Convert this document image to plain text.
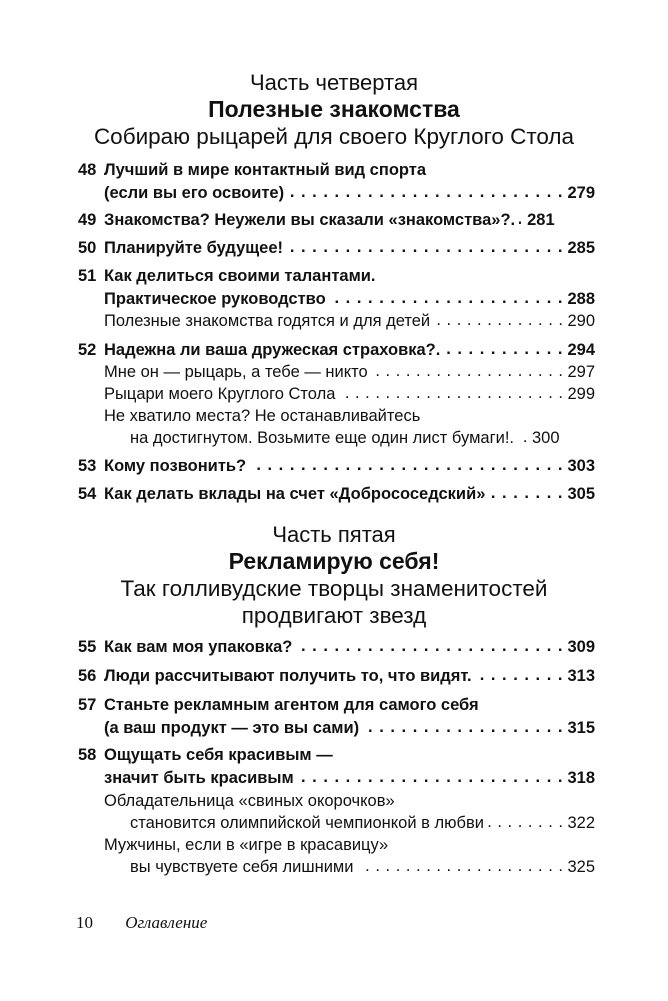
Часть четвертая
Полезные знакомства
Собираю рыцарей для своего Круглого Стола
48 Лучший в мире контактный вид спорта
(если вы его освоите) . . .	279
49 Знакомства? Неужели вы сказали «знакомства»?. . . . 281
50 Планируйте будущее! . . .	285
51 Как делиться своими талантами.
Практическое руководство . . .	288
Полезные знакомства годятся и для детей . . .	290
52 Надежна ли ваша дружеская страховка?. . . .	294
Мне он — рыцарь, а тебе — никто . . .	297
Рыцари моего Круглого Стола . . .	299
Не хватило места? Не останавливайтесь
на достигнутом. Возьмите еще один лист бумаги!. . . . 300
53 Кому позвонить? . . .	303
54 Как делать вклады на счет «Добрососедский» . . .	305
Часть пятая
Рекламирую себя!
Так голливудские творцы знаменитостей
продвигают звезд
55 Как вам моя упаковка? . . .	309
56 Люди рассчитывают получить то, что видят. . . .	313
57 Станьте рекламным агентом для самого себя
(а ваш продукт — это вы сами) . . .	315
58 Ощущать себя красивым —
значит быть красивым . . .	318
Обладательница «свиных окорочков»
становится олимпийской чемпионкой в любви . . .	322
Мужчины, если в «игре в красавицу»
вы чувствуете себя лишними . . .	325
10 Оглавление
